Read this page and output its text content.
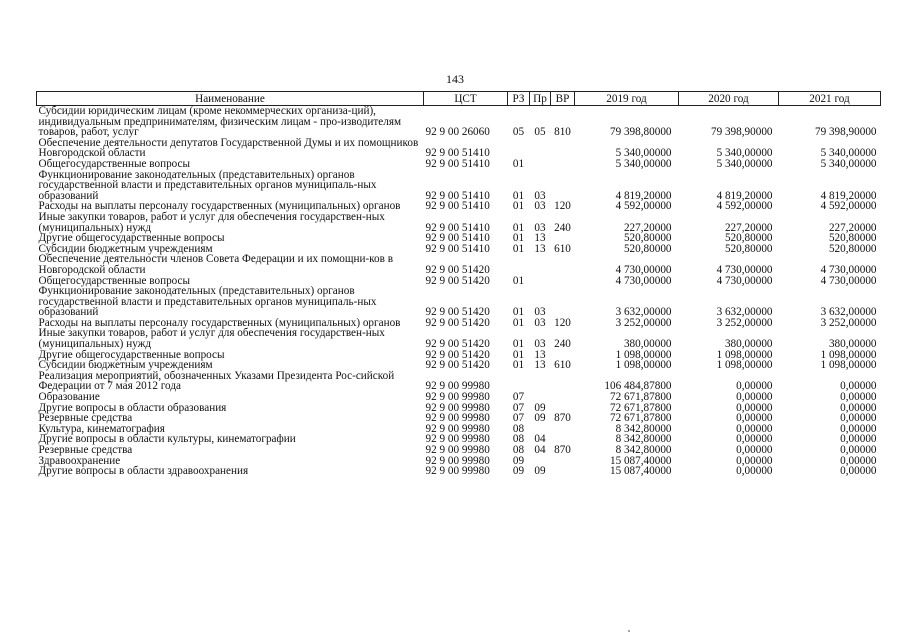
143
Наименование	ЦСТ	РЗ	Пр	ВР	2019 год	2020 год	2021 год
Субсидии юридическим лицам (кроме некоммерческих организа-ций), индивидуальным предпринимателям, физическим лицам - про-изводителям товаров, работ, услуг	92 9 00 26060	05	05	810	79 398,80000	79 398,90000	79 398,90000
Обеспечение деятельности депутатов Государственной Думы и их помощников Новгородской области	92 9 00 51410				5 340,00000	5 340,00000	5 340,00000
Общегосударственные вопросы	92 9 00 51410	01			5 340,00000	5 340,00000	5 340,00000
Функционирование законодательных (представительных) органов государственной власти и представительных органов муниципаль-ных образований	92 9 00 51410	01	03		4 819,20000	4 819,20000	4 819,20000
Расходы на выплаты персоналу государственных (муниципальных) органов	92 9 00 51410	01	03	120	4 592,00000	4 592,00000	4 592,00000
Иные закупки товаров, работ и услуг для обеспечения государствен-ных (муниципальных) нужд	92 9 00 51410	01	03	240	227,20000	227,20000	227,20000
Другие общегосударственные вопросы	92 9 00 51410	01	13		520,80000	520,80000	520,80000
Субсидии бюджетным учреждениям	92 9 00 51410	01	13	610	520,80000	520,80000	520,80000
Обеспечение деятельности членов Совета Федерации и их помощни-ков в Новгородской области	92 9 00 51420				4 730,00000	4 730,00000	4 730,00000
Общегосударственные вопросы	92 9 00 51420	01			4 730,00000	4 730,00000	4 730,00000
Функционирование законодательных (представительных) органов государственной власти и представительных органов муниципаль-ных образований	92 9 00 51420	01	03		3 632,00000	3 632,00000	3 632,00000
Расходы на выплаты персоналу государственных (муниципальных) органов	92 9 00 51420	01	03	120	3 252,00000	3 252,00000	3 252,00000
Иные закупки товаров, работ и услуг для обеспечения государствен-ных (муниципальных) нужд	92 9 00 51420	01	03	240	380,00000	380,00000	380,00000
Другие общегосударственные вопросы	92 9 00 51420	01	13		1 098,00000	1 098,00000	1 098,00000
Субсидии бюджетным учреждениям	92 9 00 51420	01	13	610	1 098,00000	1 098,00000	1 098,00000
Реализация мероприятий, обозначенных Указами Президента Рос-сийской Федерации от 7 мая 2012 года	92 9 00 99980				106 484,87800	0,00000	0,00000
Образование	92 9 00 99980	07			72 671,87800	0,00000	0,00000
Другие вопросы в области образования	92 9 00 99980	07	09		72 671,87800	0,00000	0,00000
Резервные средства	92 9 00 99980	07	09	870	72 671,87800	0,00000	0,00000
Культура, кинематография	92 9 00 99980	08			8 342,80000	0,00000	0,00000
Другие вопросы в области культуры, кинематографии	92 9 00 99980	08	04		8 342,80000	0,00000	0,00000
Резервные средства	92 9 00 99980	08	04	870	8 342,80000	0,00000	0,00000
Здравоохранение	92 9 00 99980	09			15 087,40000	0,00000	0,00000
Другие вопросы в области здравоохранения	92 9 00 99980	09	09		15 087,40000	0,00000	0,00000
